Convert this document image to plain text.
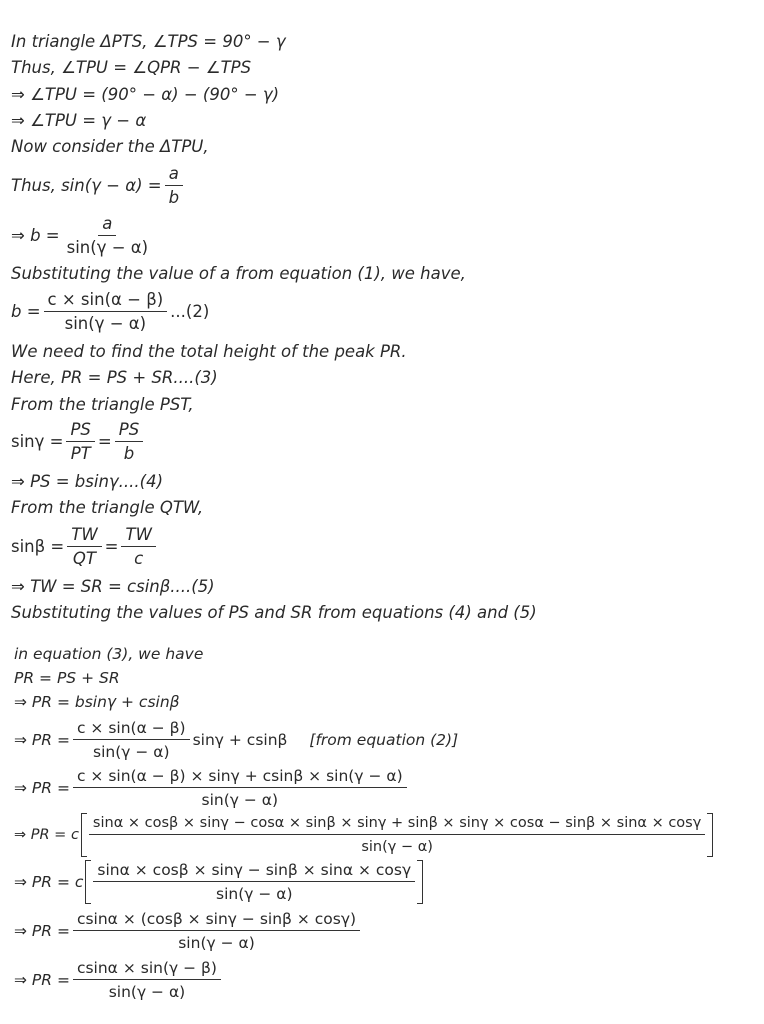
In triangle ΔPTS, ∠TPS = 90° − γ
Thus, ∠TPU = ∠QPR − ∠TPS
⇒ ∠TPU = (90° − α) − (90° − γ)
⇒ ∠TPU = γ − α
Now consider the ΔTPU,
Thus, $\sin(\gamma - \alpha) = \frac{a}{b}$
⇒ $b = \frac{a}{\sin(\gamma - \alpha)}$
Substituting the value of a from equation (1), we have,
$b = \frac{c \times \sin(\alpha - \beta)}{\sin(\gamma - \alpha)} ...(2)$
We need to find the total height of the peak PR.
Here, PR = PS + SR....(3)
From the triangle PST,
$\sin\gamma = \frac{PS}{PT} = \frac{PS}{b}$
⇒ PS = bsinγ....(4)
From the triangle QTW,
$\sin\beta = \frac{TW}{QT} = \frac{TW}{c}$
⇒ TW = SR = csinβ....(5)
Substituting the values of PS and SR from equations (4) and (5)
in equation (3), we have
PR = PS + SR
⇒ PR = bsinγ + csinβ
⇒ PR = $\frac{c \times \sin(\alpha - \beta)}{\sin(\gamma - \alpha)}$ sinγ + csinβ [from equation (2)]
⇒ PR = $\frac{c \times \sin(\alpha - \beta) \times \sin\gamma + csin\beta \times \sin(\gamma - \alpha)}{\sin(\gamma - \alpha)}$
⇒ PR = c
sinα × cosβ × sinγ − cosα × sinβ × sinγ + sinβ × sinγ × cosα − sinβ × sinα × cosγ
sin(γ − α)
⇒ PR = c $\frac{\sin\alpha \times \cos\beta \times \sin\gamma - \sin\beta \times \sin\alpha \times \cos\gamma}{\sin(\gamma - \alpha)}$
⇒ PR = $\frac{csin\alpha \times (\cos\beta \times \sin\gamma - \sin\beta \times \cos\gamma)}{\sin(\gamma - \alpha)}$
⇒ PR = $\frac{csin\alpha \times \sin(\gamma - \beta)}{\sin(\gamma - \alpha)}$
